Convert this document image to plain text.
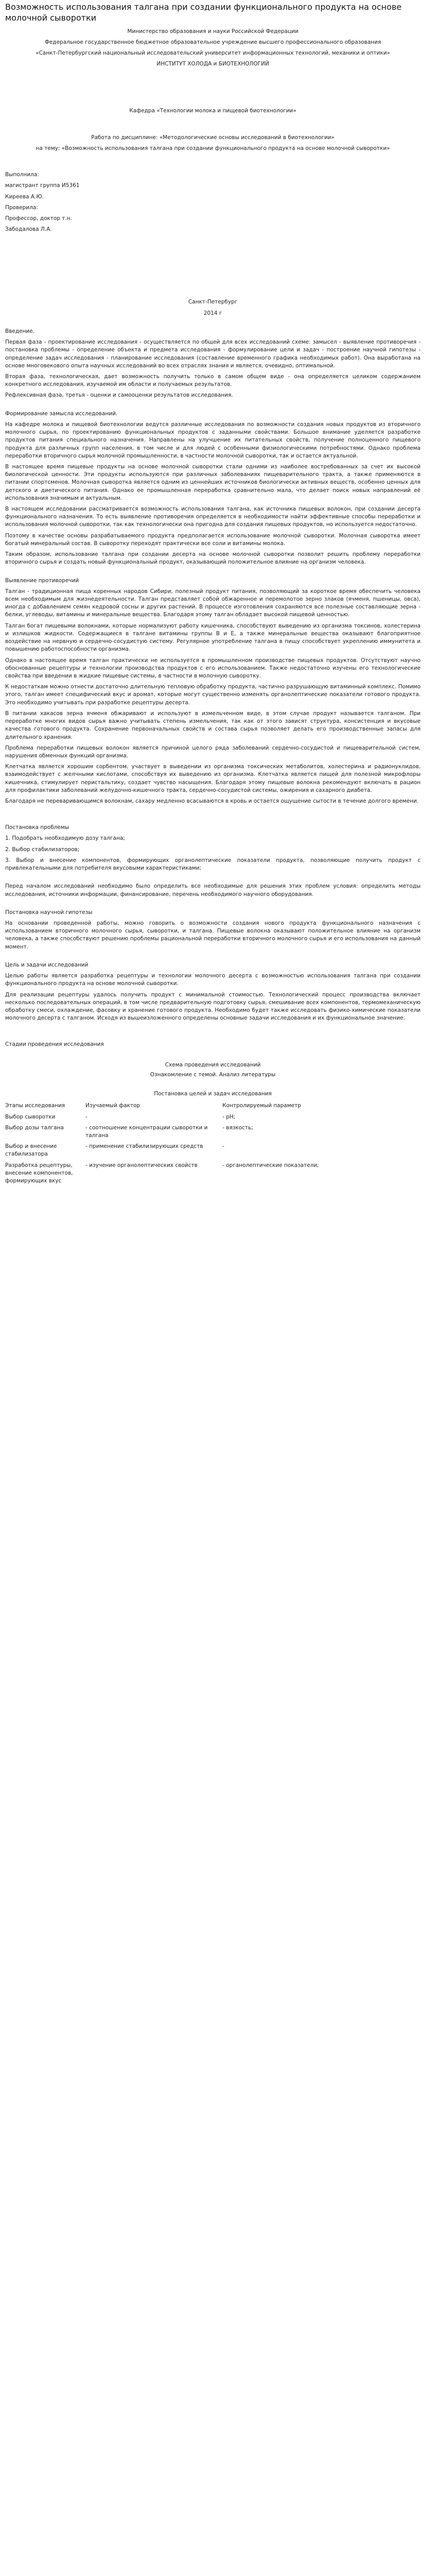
Возможность использования талгана при создании функционального продукта на основе молочной сыворотки

Министерство образования и науки Российской Федерации

Федеральное государственное бюджетное образовательное учреждение высшего профессионального образования

«Санкт-Петербургский национальный исследовательский университет информационных технологий, механики и оптики»

ИНСТИТУТ ХОЛОДА и БИОТЕХНОЛОГИЙ

Кафедра «Технологии молока и пищевой биотехнологии»

Работа по дисциплине: «Методологические основы исследований в биотехнологии»

на тему: «Возможность использования талгана при создании функционального продукта на основе молочной сыворотки»

Выполнила:

магистрант группа И5361

Киреева А.Ю.

Проверила:

Профессор, доктор т.н.

Забодалова Л.А.

Санкт-Петербург

2014 г

Введение.

Первая фаза - проектирование исследования - осуществляется по общей для всех исследований схеме: замысел - выявление противоречия - постановка проблемы - определение объекта и предмета исследования - формулирование цели и задач - построение научной гипотезы - определение задач исследования - планирование исследования (составление временного графика необходимых работ). Она выработана на основе многовекового опыта научных исследований во всех отраслях знания и является, очевидно, оптимальной.

Вторая фаза, технологическая, дает возможность получить только в самом общем виде - она определяется целиком содержанием конкретного исследования, изучаемой им области и получаемых результатов.

Рефлексивная фаза, третья - оценки и самооценки результатов исследования.

Формирование замысла исследований.

На кафедре молока и пищевой биотехнологии ведутся различные исследования по возможности создания новых продуктов из вторичного молочного сырья, по проектированию функциональных продуктов с заданными свойствами. Большое внимание уделяется разработке продуктов питания специального назначения. Направлены на улучшение их питательных свойств, получение полноценного пищевого продукта для различных групп населения, в том числе и для людей с особенными физиологическими потребностями. Однако проблема переработки вторичного сырья молочной промышленности, в частности молочной сыворотки, так и остается актуальной.

В настоящее время пищевые продукты на основе молочной сыворотки стали одними из наиболее востребованных за счет их высокой биологической ценности. Эти продукты используются при различных заболеваниях пищеварительного тракта, а также применяются в питании спортсменов. Молочная сыворотка является одним из ценнейших источников биологически активных веществ, особенно ценных для детского и диетического питания. Однако ее промышленная переработка сравнительно мала, что делает поиск новых направлений её использования значимым и актуальным.

В настоящем исследовании рассматривается возможность использования талгана, как источника пищевых волокон, при создании десерта функционального назначения. То есть выявление противоречия определяется в необходимости найти эффективные способы переработки и использования молочной сыворотки, так как технологически она пригодна для создания пищевых продуктов, но используется недостаточно.

Поэтому в качестве основы разрабатываемого продукта предполагается использование молочной сыворотки. Молочная сыворотка имеет богатый минеральный состав. В сыворотку переходят практически все соли и витамины молока.

Таким образом, использование талгана при создании десерта на основе молочной сыворотки позволит решить проблему переработки вторичного сырья и создать новый функциональный продукт, оказывающий положительное влияние на организм человека.

Выявление противоречий

Талган - традиционная пища коренных народов Сибири, полезный продукт питания, позволяющий за короткое время обеспечить человека всем необходимым для жизнедеятельности. Талган представляет собой обжаренное и перемолотое зерно злаков (ячменя, пшеницы, овса), иногда с добавлением семян кедровой сосны и других растений. В процессе изготовления сохраняются все полезные составляющие зерна - белки, углеводы, витамины и минеральные вещества. Благодаря этому талган обладает высокой пищевой ценностью.

Талган богат пищевыми волокнами, которые нормализуют работу кишечника, способствуют выведению из организма токсинов, холестерина и излишков жидкости. Содержащиеся в талгане витамины группы В и Е, а также минеральные вещества оказывают благоприятное воздействие на нервную и сердечно-сосудистую систему. Регулярное употребление талгана в пищу способствует укреплению иммунитета и повышению работоспособности организма.

Однако в настоящее время талган практически не используется в промышленном производстве пищевых продуктов. Отсутствуют научно обоснованные рецептуры и технологии производства продуктов с его использованием. Также недостаточно изучены его технологические свойства при введении в жидкие пищевые системы, в частности в молочную сыворотку.

К недостаткам можно отнести достаточно длительную тепловую обработку продукта, частично разрушающую витаминный комплекс. Помимо этого, талган имеет специфический вкус и аромат, которые могут существенно изменять органолептические показатели готового продукта. Это необходимо учитывать при разработке рецептуры десерта.

В питании хакасов зерна ячменя обжаривают и используют в измельченном виде, в этом случае продукт называется талганом. При переработке многих видов сырья важно учитывать степень измельчения, так как от этого зависят структура, консистенция и вкусовые качества готового продукта. Сохранение первоначальных свойств и состава сырья позволяет делать его производственные запасы для длительного хранения.

Проблема переработки пищевых волокон является причиной целого ряда заболеваний сердечно-сосудистой и пищеварительной систем, нарушения обменных функций организма.

Клетчатка является хорошим сорбентом, участвует в выведении из организма токсических метаболитов, холестерина и радионуклидов, взаимодействует с желчными кислотами, способствуя их выведению из организма. Клетчатка является пищей для полезной микрофлоры кишечника, стимулирует перистальтику, создает чувство насыщения. Благодаря этому пищевые волокна рекомендуют включать в рацион для профилактики заболеваний желудочно-кишечного тракта, сердечно-сосудистой системы, ожирения и сахарного диабета.

Благодаря не переваривающимся волокнам, сахару медленно всасываются в кровь и остается ощущение сытости в течение долгого времени.

Постановка проблемы

1. Подобрать необходимую дозу талгана;

2. Выбор стабилизаторов;

3. Выбор и внесение компонентов, формирующих органолептические показатели продукта, позволяющие получить продукт с привлекательными для потребителя вкусовыми характеристиками;

Перед началом исследований необходимо было определить все необходимые для решения этих проблем условия: определить методы исследования, источники информации, финансирование, перечень необходимого научного оборудования.

Постановка научной гипотезы

На основании проведенной работы, можно говорить о возможности создания нового продукта функционального назначения с использованием вторичного молочного сырья, сыворотки, и талгана. Пищевые волокна оказывают положительное влияние на организм человека, а также способствуют решению проблемы рациональной переработки вторичного молочного сырья и его использования на данный момент.

Цель и задачи исследований

Целью работы является разработка рецептуры и технологии молочного десерта с возможностью использования талгана при создании функционального продукта на основе молочной сыворотки.

Для реализации рецептуры удалось получить продукт с минимальной стоимостью. Технологический процесс производства включает несколько последовательных операций, в том числе предварительную подготовку сырья, смешивание всех компонентов, термомеханическую обработку смеси, охлаждение, фасовку и хранение готового продукта. Необходимо будет также исследовать физико-химические показатели молочного десерта с талганом. Исходя из вышеизложенного определены основные задачи исследования и их функциональное значение.

Стадии проведения исследования

Схема проведения исследований

Ознакомление с темой. Анализ литературы

Постановка целей и задач исследования

Этапы исследования	Изучаемый фактор	Контролируемый параметр
Выбор сыворотки	-	- pH;
Выбор дозы талгана	- соотношение концентрации сыворотки и талгана	- вязкость;
Выбор и внесение стабилизатора	- применение стабилизирующих средств	-
Разработка рецептуры, внесение компонентов, формирующих вкус	- изучение органолептических свойств	- органолептические показатели;
